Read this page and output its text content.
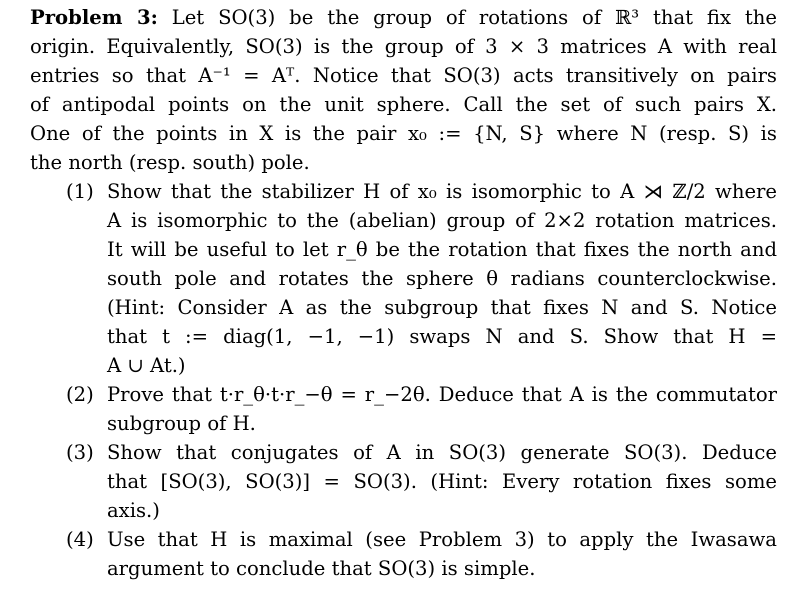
Problem 3: Let SO(3) be the group of rotations of ℝ³ that fix the
origin. Equivalently, SO(3) is the group of 3 × 3 matrices A with real
entries so that A⁻¹ = Aᵀ. Notice that SO(3) acts transitively on pairs
of antipodal points on the unit sphere. Call the set of such pairs X.
One of the points in X is the pair x₀ := {N, S} where N (resp. S) is
the north (resp. south) pole.
(1) Show that the stabilizer H of x₀ is isomorphic to A ⋊ ℤ/2 where
A is isomorphic to the (abelian) group of 2×2 rotation matrices.
It will be useful to let r_θ be the rotation that fixes the north and
south pole and rotates the sphere θ radians counterclockwise.
(Hint: Consider A as the subgroup that fixes N and S. Notice
that t := diag(1, −1, −1) swaps N and S. Show that H =
A ∪ At.)
(2) Prove that t·r_θ·t·r_−θ = r_−2θ. Deduce that A is the commutator
subgroup of H.
(3) Show that conjugates of A in SO(3) generate SO(3). Deduce
that [SO(3), SO(3)] = SO(3). (Hint: Every rotation fixes some
axis.)
(4) Use that H is maximal (see Problem 3) to apply the Iwasawa
argument to conclude that SO(3) is simple.
